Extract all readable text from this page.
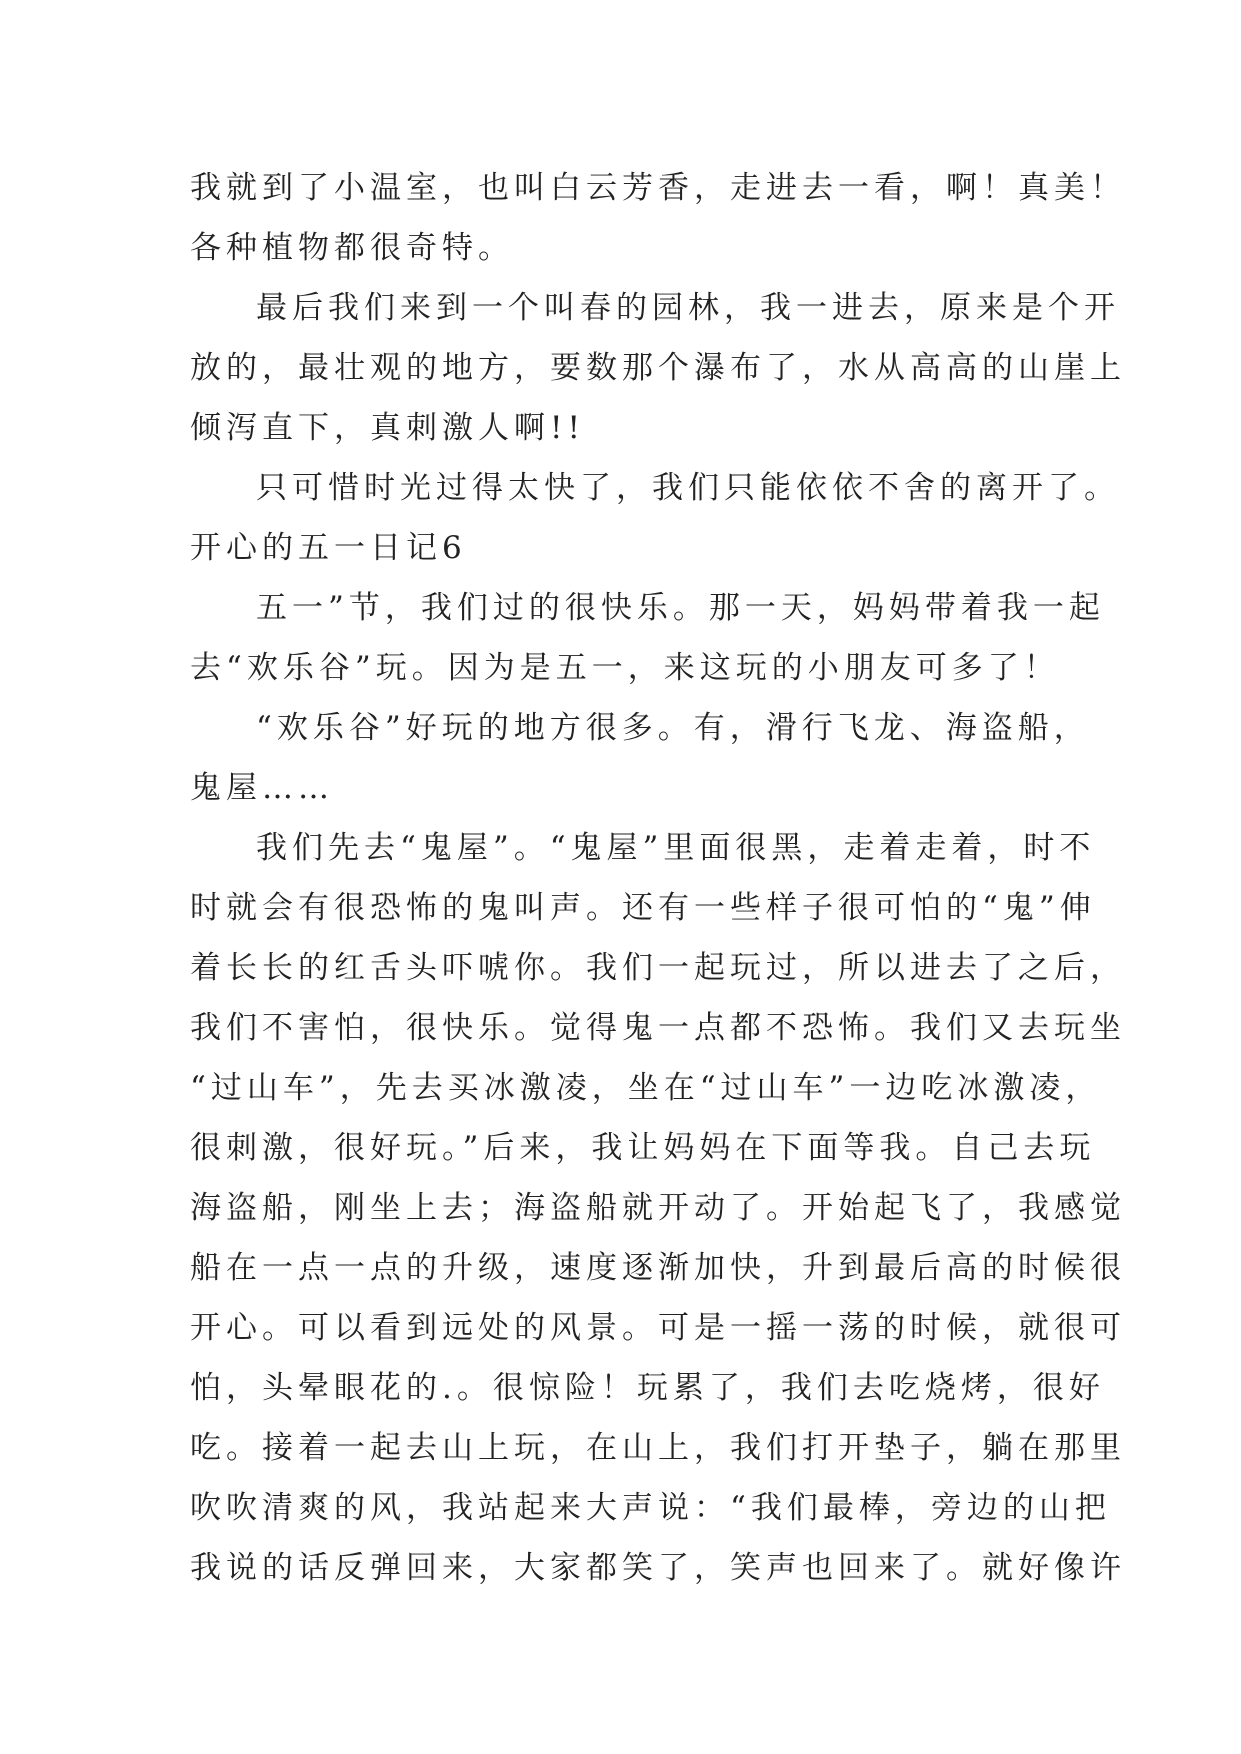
我就到了小温室，也叫白云芳香，走进去一看，啊！真美！
各种植物都很奇特。
最后我们来到一个叫春的园林，我一进去，原来是个开
放的，最壮观的地方，要数那个瀑布了，水从高高的山崖上
倾泻直下，真刺激人啊!!
只可惜时光过得太快了，我们只能依依不舍的离开了。
开心的五一日记6
五一”节，我们过的很快乐。那一天，妈妈带着我一起
去“欢乐谷”玩。因为是五一，来这玩的小朋友可多了！
“欢乐谷”好玩的地方很多。有，滑行飞龙、海盗船，
鬼屋……
我们先去“鬼屋”。“鬼屋”里面很黑，走着走着，时不
时就会有很恐怖的鬼叫声。还有一些样子很可怕的“鬼”伸
着长长的红舌头吓唬你。我们一起玩过，所以进去了之后，
我们不害怕，很快乐。觉得鬼一点都不恐怖。我们又去玩坐
“过山车”，先去买冰激凌，坐在“过山车”一边吃冰激凌，
很刺激，很好玩。”后来，我让妈妈在下面等我。自己去玩
海盗船，刚坐上去；海盗船就开动了。开始起飞了，我感觉
船在一点一点的升级，速度逐渐加快，升到最后高的时候很
开心。可以看到远处的风景。可是一摇一荡的时候，就很可
怕，头晕眼花的.。很惊险！玩累了，我们去吃烧烤，很好
吃。接着一起去山上玩，在山上，我们打开垫子，躺在那里
吹吹清爽的风，我站起来大声说：“我们最棒，旁边的山把
我说的话反弹回来，大家都笑了，笑声也回来了。就好像许
